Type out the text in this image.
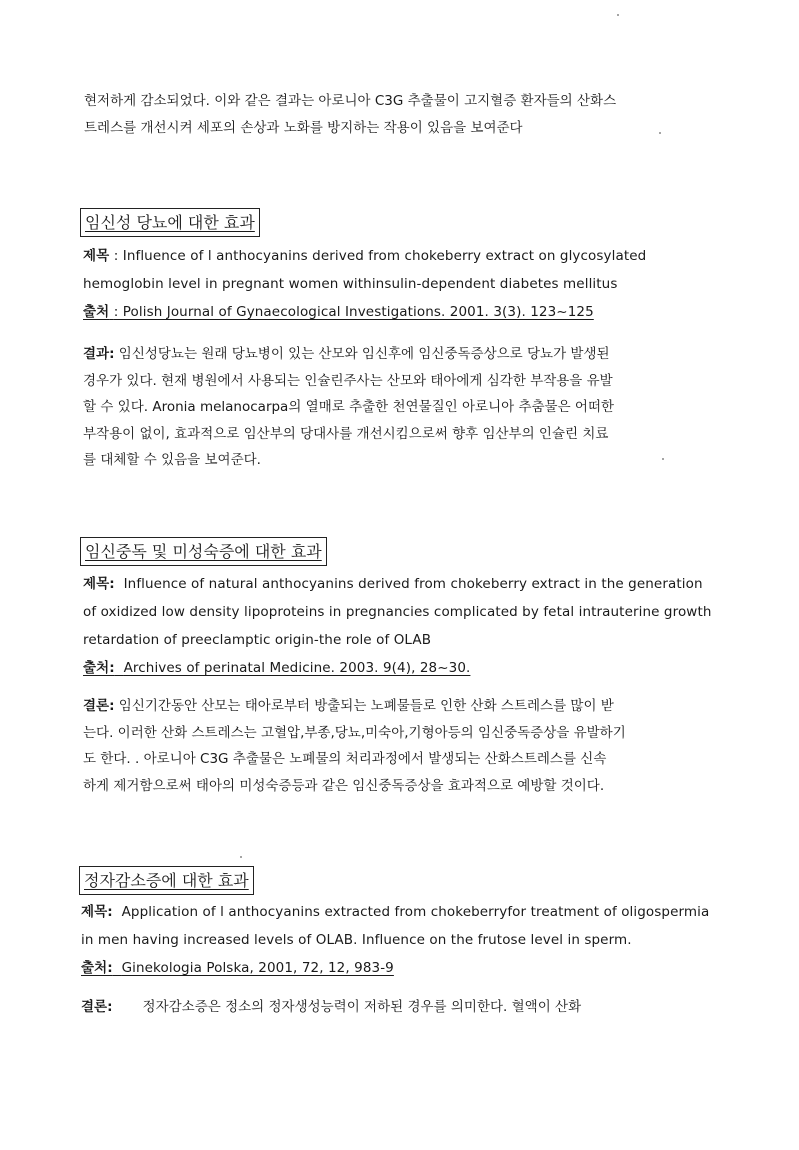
현저하게 감소되었다. 이와 같은 결과는 아로니아 C3G 추출물이 고지혈증 환자들의 산화스
트레스를 개선시켜 세포의 손상과 노화를 방지하는 작용이 있음을 보여준다
임신성 당뇨에 대한 효과
제목 : Influence of l anthocyanins derived from chokeberry extract on glycosylated
hemoglobin level in pregnant women withinsulin-dependent diabetes mellitus
출처 : Polish Journal of Gynaecological Investigations. 2001. 3(3). 123~125
결과: 임신성당뇨는 원래 당뇨병이 있는 산모와 임신후에 임신중독증상으로 당뇨가 발생된
경우가 있다. 현재 병원에서 사용되는 인슐린주사는 산모와 태아에게 심각한 부작용을 유발
할 수 있다. Aronia melanocarpa의 열매로 추출한 천연물질인 아로니아 추춤물은 어떠한
부작용이 없이, 효과적으로 임산부의 당대사를 개선시킴으로써 향후 임산부의 인슐린 치료
를 대체할 수 있음을 보여준다.
임신중독 및 미성숙증에 대한 효과
제목: Influence of natural anthocyanins derived from chokeberry extract in the generation
of oxidized low density lipoproteins in pregnancies complicated by fetal intrauterine growth
retardation of preeclamptic origin-the role of OLAB
출처: Archives of perinatal Medicine. 2003. 9(4), 28~30.
결론: 임신기간동안 산모는 태아로부터 방출되는 노폐물들로 인한 산화 스트레스를 많이 받
는다. 이러한 산화 스트레스는 고혈압,부종,당뇨,미숙아,기형아등의 임신중독증상을 유발하기
도 한다. . 아로니아 C3G 추출물은 노폐물의 처리과정에서 발생되는 산화스트레스를 신속
하게 제거함으로써 태아의 미성숙증등과 같은 임신중독증상을 효과적으로 예방할 것이다.
정자감소증에 대한 효과
제목: Application of l anthocyanins extracted from chokeberryfor treatment of oligospermia
in men having increased levels of OLAB. Influence on the frutose level in sperm.
출처: Ginekologia Polska, 2001, 72, 12, 983-9
결론: 정자감소증은 정소의 정자생성능력이 저하된 경우를 의미한다. 혈액이 산화
